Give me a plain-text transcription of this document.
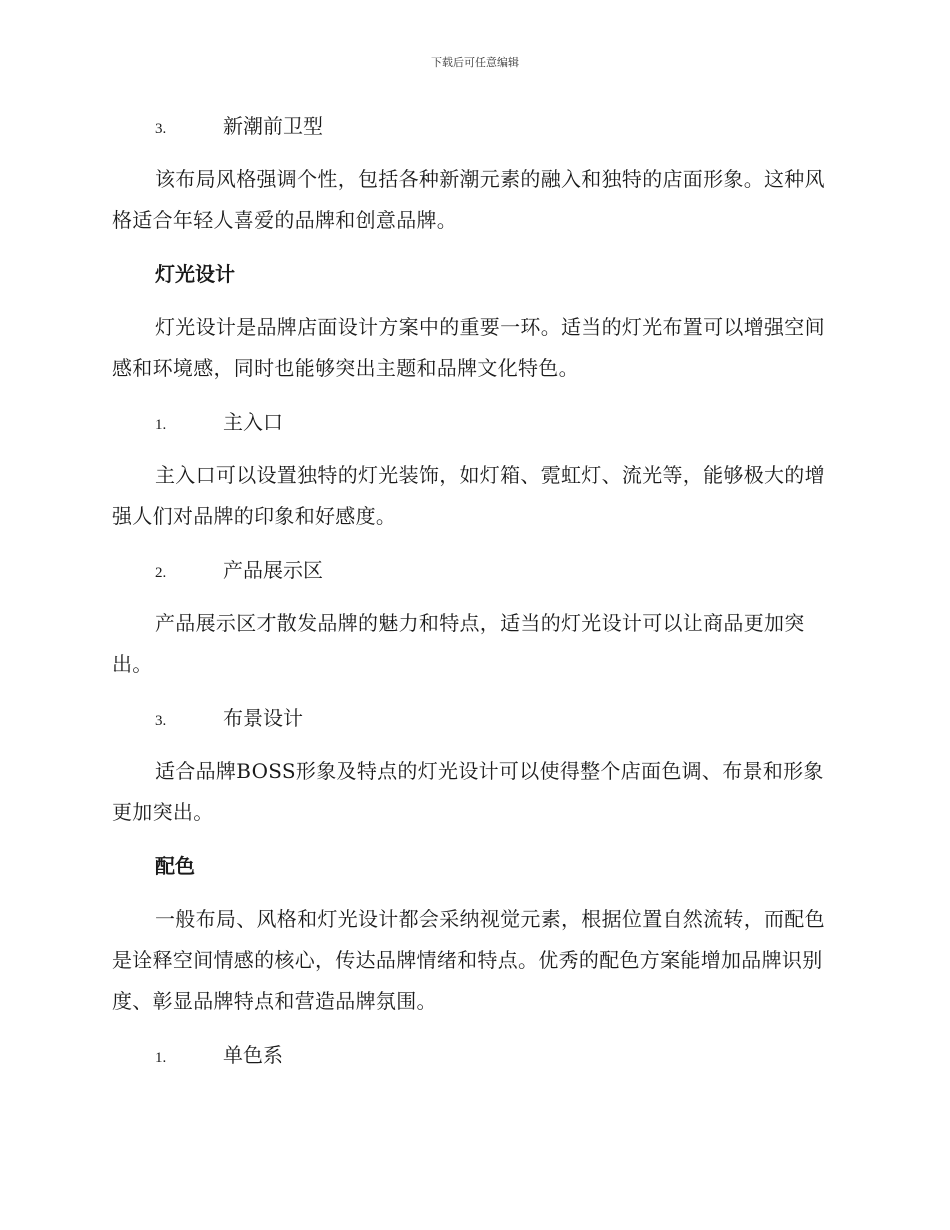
下载后可任意编辑
3.	新潮前卫型

该布局风格强调个性，包括各种新潮元素的融入和独特的店面形象。这种风格适合年轻人喜爱的品牌和创意品牌。

灯光设计

灯光设计是品牌店面设计方案中的重要一环。适当的灯光布置可以增强空间感和环境感，同时也能够突出主题和品牌文化特色。

1.	主入口

主入口可以设置独特的灯光装饰，如灯箱、霓虹灯、流光等，能够极大的增强人们对品牌的印象和好感度。

2.	产品展示区

产品展示区才散发品牌的魅力和特点，适当的灯光设计可以让商品更加突出。

3.	布景设计

适合品牌BOSS形象及特点的灯光设计可以使得整个店面色调、布景和形象更加突出。

配色

一般布局、风格和灯光设计都会采纳视觉元素，根据位置自然流转，而配色是诠释空间情感的核心，传达品牌情绪和特点。优秀的配色方案能增加品牌识别度、彰显品牌特点和营造品牌氛围。

1.	单色系
